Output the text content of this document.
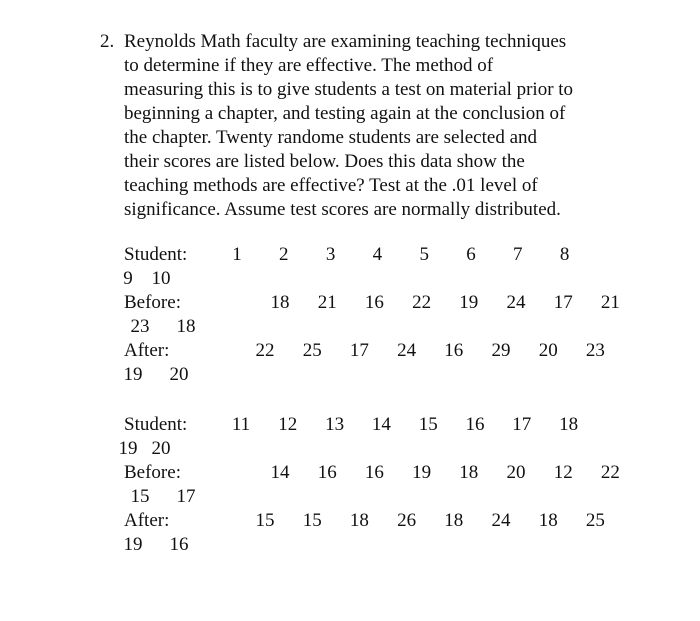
2. Reynolds Math faculty are examining teaching techniques
to determine if they are effective. The method of
measuring this is to give students a test on material prior to
beginning a chapter, and testing again at the conclusion of
the chapter. Twenty randome students are selected and
their scores are listed below. Does this data show the
teaching methods are effective? Test at the .01 level of
significance. Assume test scores are normally distributed.
Student:	1	2	3	4	5	6	7	8
9 10
Before:	18 21 16 22 19 24 17 21
23 18
After:	22 25 17 24 16 29 20 23
19 20
Student:	11	12 13 14 15 16 17 18
19 20
Before:	14 16 16 19 18 20 12 22
15 17
After:	15 15 18 26 18 24 18 25
19 16
